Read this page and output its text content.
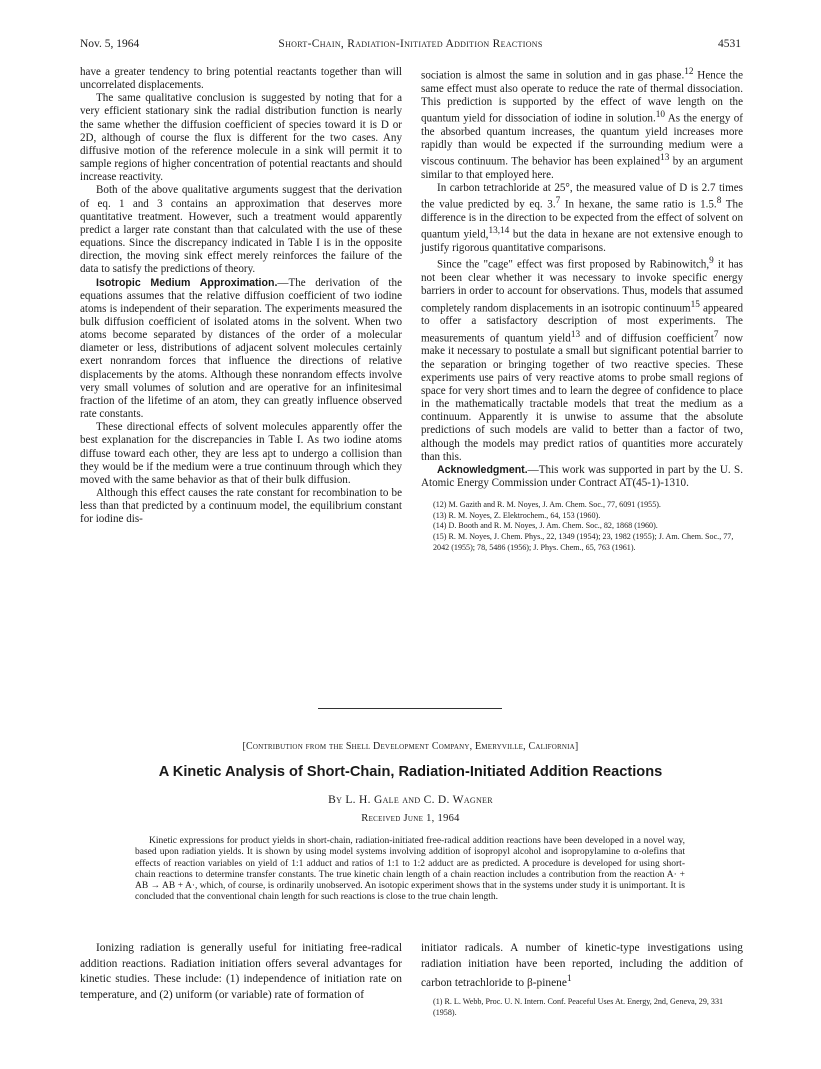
Nov. 5, 1964	Short-Chain, Radiation-Initiated Addition Reactions	4531

have a greater tendency to bring potential reactants together than will uncorrelated displacements.

The same qualitative conclusion is suggested by noting that for a very efficient stationary sink the radial distribution function is nearly the same whether the diffusion coefficient of species toward it is D or 2D, although of course the flux is different for the two cases. Any diffusive motion of the reference molecule in a sink will permit it to sample regions of higher concentration of potential reactants and should increase reactivity.

Both of the above qualitative arguments suggest that the derivation of eq. 1 and 3 contains an approximation that deserves more quantitative treatment. However, such a treatment would apparently predict a larger rate constant than that calculated with the use of these equations. Since the discrepancy indicated in Table I is in the opposite direction, the moving sink effect merely reinforces the failure of the data to satisfy the predictions of theory.

Isotropic Medium Approximation.—The derivation of the equations assumes that the relative diffusion coefficient of two iodine atoms is independent of their separation. The experiments measured the bulk diffusion coefficient of isolated atoms in the solvent. When two atoms become separated by distances of the order of a molecular diameter or less, distributions of adjacent solvent molecules certainly exert nonrandom forces that influence the directions of relative displacements by the atoms. Although these nonrandom effects involve very small volumes of solution and are operative for an infinitesimal fraction of the lifetime of an atom, they can greatly influence observed rate constants.

These directional effects of solvent molecules apparently offer the best explanation for the discrepancies in Table I. As two iodine atoms diffuse toward each other, they are less apt to undergo a collision than they would be if the medium were a true continuum through which they moved with the same behavior as that of their bulk diffusion.

Although this effect causes the rate constant for recombination to be less than that predicted by a continuum model, the equilibrium constant for iodine dis-

sociation is almost the same in solution and in gas phase.$^{12}$ Hence the same effect must also operate to reduce the rate of thermal dissociation. This prediction is supported by the effect of wave length on the quantum yield for dissociation of iodine in solution.$^{10}$ As the energy of the absorbed quantum increases, the quantum yield increases more rapidly than would be expected if the surrounding medium were a viscous continuum. The behavior has been explained$^{13}$ by an argument similar to that employed here.

In carbon tetrachloride at 25°, the measured value of D is 2.7 times the value predicted by eq. 3.$^7$ In hexane, the same ratio is 1.5.$^8$ The difference is in the direction to be expected from the effect of solvent on quantum yield,$^{13,14}$ but the data in hexane are not extensive enough to justify rigorous quantitative comparisons.

Since the "cage" effect was first proposed by Rabinowitch,$^9$ it has not been clear whether it was necessary to invoke specific energy barriers in order to account for observations. Thus, models that assumed completely random displacements in an isotropic continuum$^{15}$ appeared to offer a satisfactory description of most experiments. The measurements of quantum yield$^{13}$ and of diffusion coefficient$^7$ now make it necessary to postulate a small but significant potential barrier to the separation or bringing together of two reactive species. These experiments use pairs of very reactive atoms to probe small regions of space for very short times and to learn the degree of confidence to place in the mathematically tractable models that treat the medium as a continuum. Apparently it is unwise to assume that the absolute predictions of such models are valid to better than a factor of two, although the models may predict ratios of quantities more accurately than this.

Acknowledgment.—This work was supported in part by the U. S. Atomic Energy Commission under Contract AT(45-1)-1310.

(12) M. Gazith and R. M. Noyes, J. Am. Chem. Soc., 77, 6091 (1955).
(13) R. M. Noyes, Z. Elektrochem., 64, 153 (1960).
(14) D. Booth and R. M. Noyes, J. Am. Chem. Soc., 82, 1868 (1960).
(15) R. M. Noyes, J. Chem. Phys., 22, 1349 (1954); 23, 1982 (1955); J. Am. Chem. Soc., 77, 2042 (1955); 78, 5486 (1956); J. Phys. Chem., 65, 763 (1961).
[Contribution from the Shell Development Company, Emeryville, California]
A Kinetic Analysis of Short-Chain, Radiation-Initiated Addition Reactions
By L. H. Gale and C. D. Wagner
Received June 1, 1964

Kinetic expressions for product yields in short-chain, radiation-initiated free-radical addition reactions have been developed in a novel way, based upon radiation yields. It is shown by using model systems involving addition of isopropyl alcohol and isopropylamine to α-olefins that effects of reaction variables on yield of 1:1 adduct and ratios of 1:1 to 1:2 adduct are as predicted. A procedure is developed for using short-chain reactions to determine transfer constants. The true kinetic chain length of a chain reaction includes a contribution from the reaction A· + AB → AB + A·, which, of course, is ordinarily unobserved. An isotopic experiment shows that in the systems under study it is unimportant. It is concluded that the conventional chain length for such reactions is close to the true chain length.

Ionizing radiation is generally useful for initiating free-radical addition reactions. Radiation initiation offers several advantages for kinetic studies. These include: (1) independence of initiation rate on temperature, and (2) uniform (or variable) rate of formation of

initiator radicals. A number of kinetic-type investigations using radiation initiation have been reported, including the addition of carbon tetrachloride to β-pinene$^1$

(1) R. L. Webb, Proc. U. N. Intern. Conf. Peaceful Uses At. Energy, 2nd, Geneva, 29, 331 (1958).
